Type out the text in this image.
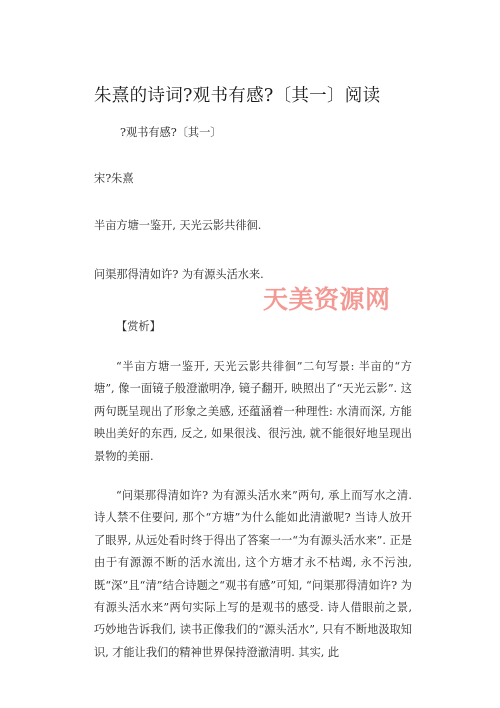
朱熹的诗词?观书有感?〔其一〕阅读
?观书有感?〔其一〕
宋?朱熹
半亩方塘一鉴开, 天光云影共徘徊.
问渠那得清如许? 为有源头活水来.
天美资源网
【赏析】

“半亩方塘一鉴开, 天光云影共徘徊”二句写景: 半亩的“方塘”, 像一面镜子般澄澈明净, 镜子翻开, 映照出了“天光云影”. 这两句既呈现出了形象之美感, 还蕴涵着一种理性: 水清而深, 方能映出美好的东西, 反之, 如果很浅、很污浊, 就不能很好地呈现出景物的美丽.

“问渠那得清如许? 为有源头活水来”两句, 承上而写水之清. 诗人禁不住要问, 那个“方塘”为什么能如此清澈呢? 当诗人放开了眼界, 从远处看时终于得出了答案一一“为有源头活水来”. 正是由于有源源不断的活水流出, 这个方塘才永不枯竭, 永不污浊, 既“深”且“清”结合诗题之“观书有感”可知, “问渠那得清如许? 为有源头活水来”两句实际上写的是观书的感受. 诗人借眼前之景, 巧妙地告诉我们, 读书正像我们的“源头活水”, 只有不断地汲取知识, 才能让我们的精神世界保持澄澈清明. 其实, 此
